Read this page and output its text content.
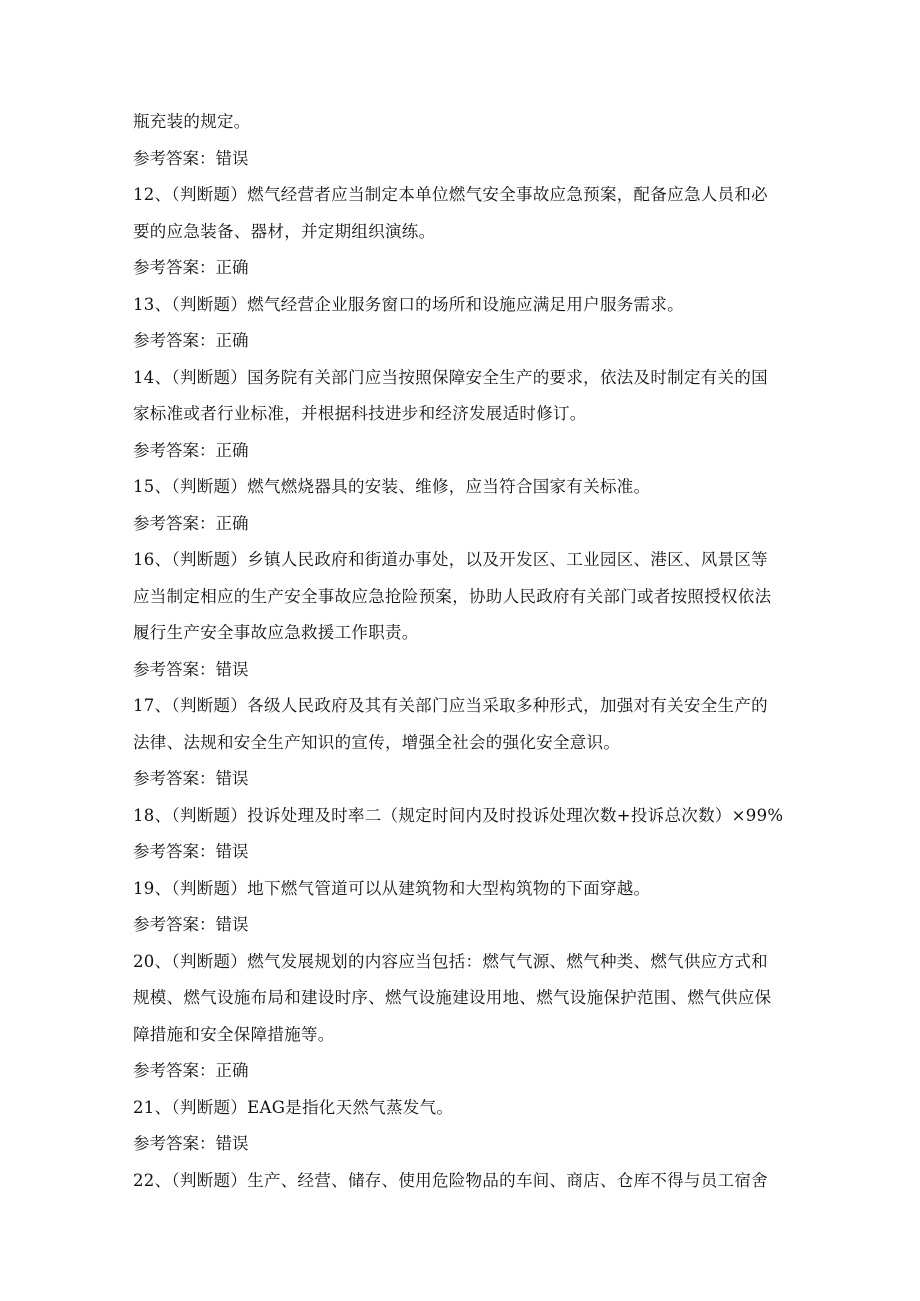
瓶充装的规定。
参考答案：错误
12、（判断题）燃气经营者应当制定本单位燃气安全事故应急预案，配备应急人员和必
要的应急装备、器材，并定期组织演练。
参考答案：正确
13、（判断题）燃气经营企业服务窗口的场所和设施应满足用户服务需求。
参考答案：正确
14、（判断题）国务院有关部门应当按照保障安全生产的要求，依法及时制定有关的国
家标准或者行业标准，并根据科技进步和经济发展适时修订。
参考答案：正确
15、（判断题）燃气燃烧器具的安装、维修，应当符合国家有关标准。
参考答案：正确
16、（判断题）乡镇人民政府和街道办事处，以及开发区、工业园区、港区、风景区等
应当制定相应的生产安全事故应急抢险预案，协助人民政府有关部门或者按照授权依法
履行生产安全事故应急救援工作职责。
参考答案：错误
17、（判断题）各级人民政府及其有关部门应当采取多种形式，加强对有关安全生产的
法律、法规和安全生产知识的宣传，增强全社会的强化安全意识。
参考答案：错误
18、（判断题）投诉处理及时率二（规定时间内及时投诉处理次数+投诉总次数）×99%
参考答案：错误
19、（判断题）地下燃气管道可以从建筑物和大型构筑物的下面穿越。
参考答案：错误
20、（判断题）燃气发展规划的内容应当包括：燃气气源、燃气种类、燃气供应方式和
规模、燃气设施布局和建设时序、燃气设施建设用地、燃气设施保护范围、燃气供应保
障措施和安全保障措施等。
参考答案：正确
21、（判断题）EAG是指化天然气蒸发气。
参考答案：错误
22、（判断题）生产、经营、储存、使用危险物品的车间、商店、仓库不得与员工宿舍
